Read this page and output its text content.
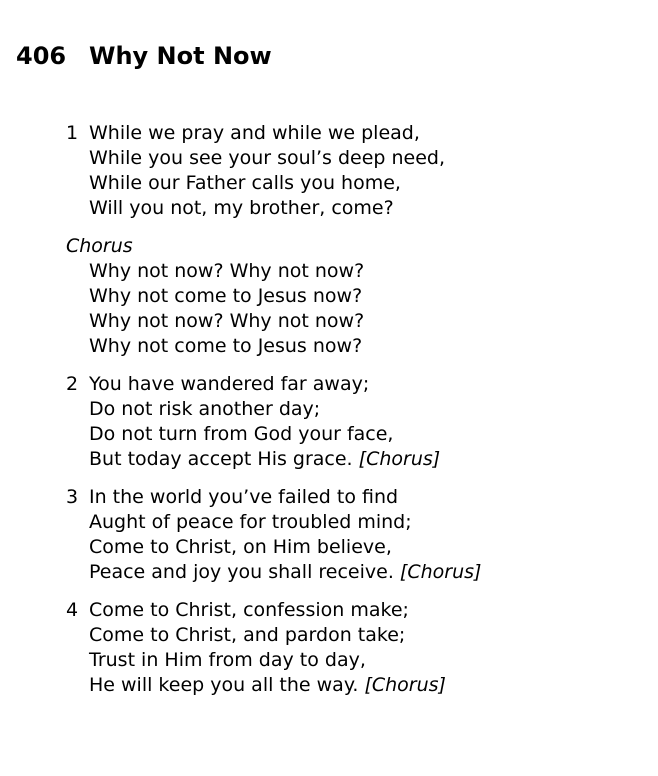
406 Why Not Now
1 While we pray and while we plead,
While you see your soul’s deep need,
While our Father calls you home,
Will you not, my brother, come?
Chorus
Why not now? Why not now?
Why not come to Jesus now?
Why not now? Why not now?
Why not come to Jesus now?
2 You have wandered far away;
Do not risk another day;
Do not turn from God your face,
But today accept His grace. [Chorus]
3 In the world you’ve failed to find
Aught of peace for troubled mind;
Come to Christ, on Him believe,
Peace and joy you shall receive. [Chorus]
4 Come to Christ, confession make;
Come to Christ, and pardon take;
Trust in Him from day to day,
He will keep you all the way. [Chorus]
